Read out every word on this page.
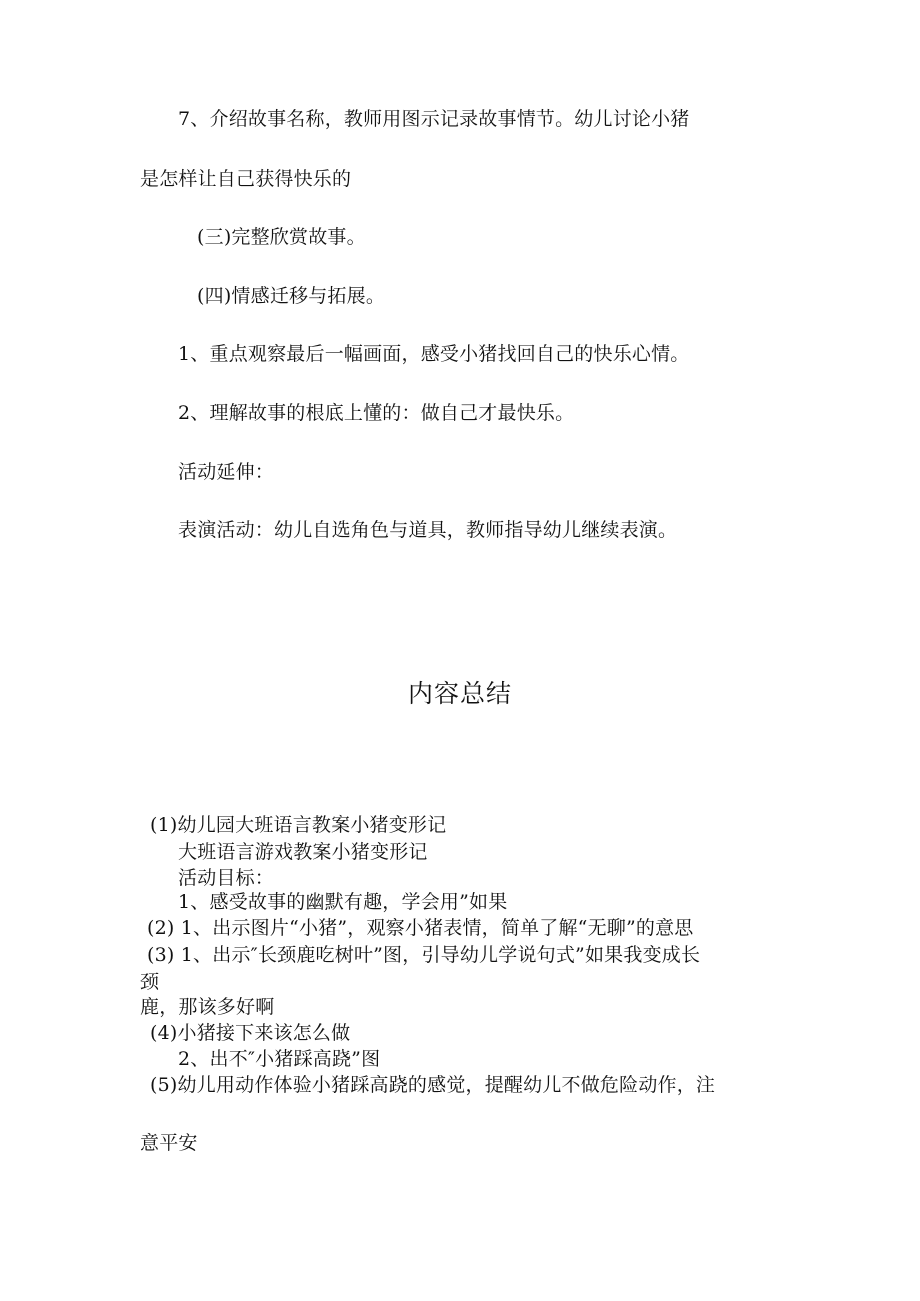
7、介绍故事名称，教师用图示记录故事情节。幼儿讨论小猪
是怎样让自己获得快乐的
(三)完整欣赏故事。
(四)情感迁移与拓展。
1、重点观察最后一幅画面，感受小猪找回自己的快乐心情。
2、理解故事的根底上懂的：做自己才最快乐。
活动延伸：
表演活动：幼儿自选角色与道具，教师指导幼儿继续表演。
内容总结
(1)幼儿园大班语言教案小猪变形记
大班语言游戏教案小猪变形记
活动目标：
1、感受故事的幽默有趣，学会用”如果
(2) 1、出示图片“小猪”，观察小猪表情，简单了解“无聊”的意思
(3) 1、出示″长颈鹿吃树叶”图，引导幼儿学说句式”如果我变成长
颈
鹿，那该多好啊
(4)小猪接下来该怎么做
2、出不″小猪踩高跷”图
(5)幼儿用动作体验小猪踩高跷的感觉，提醒幼儿不做危险动作，注
意平安
